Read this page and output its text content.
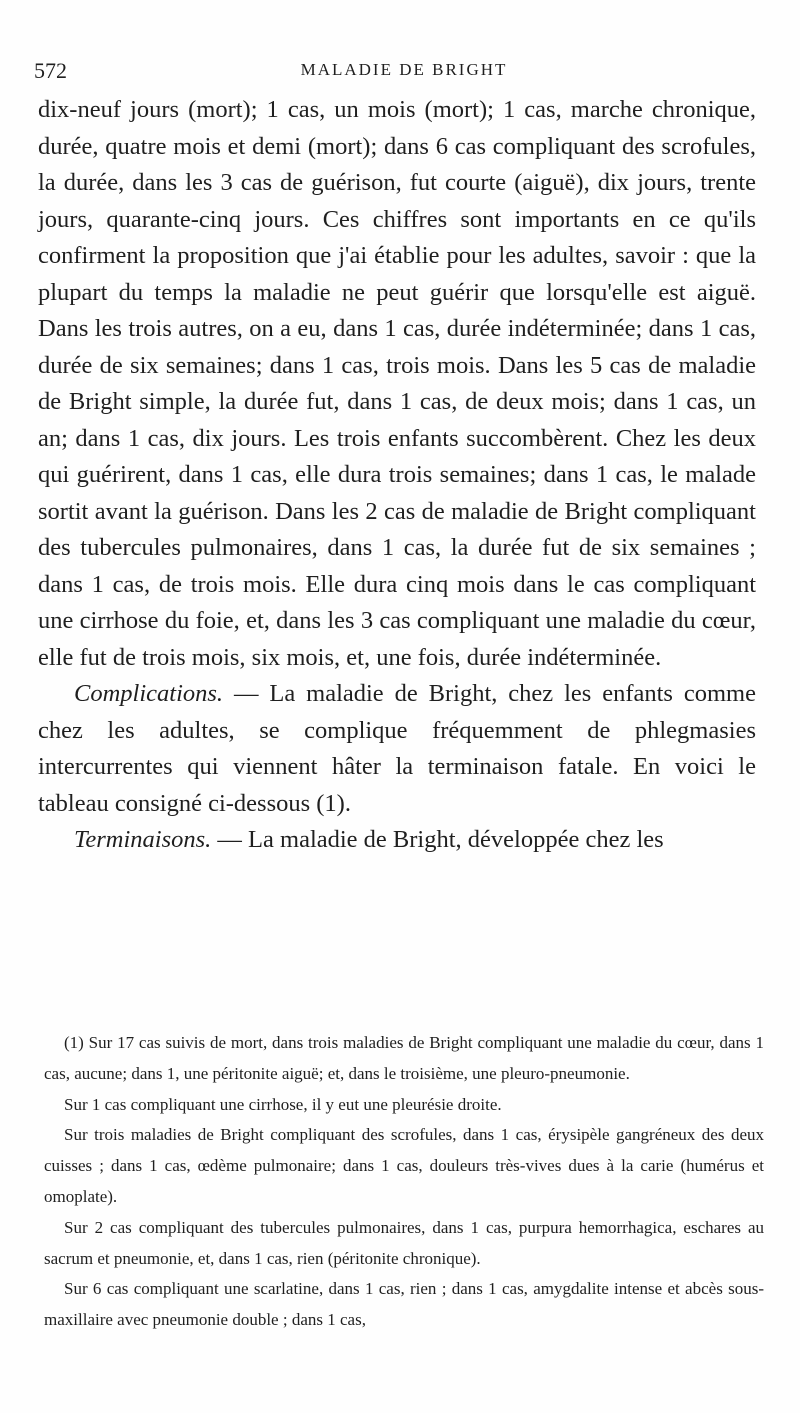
572	MALADIE DE BRIGHT

dix-neuf jours (mort); 1 cas, un mois (mort); 1 cas, marche chronique, durée, quatre mois et demi (mort); dans 6 cas compliquant des scrofules, la durée, dans les 3 cas de guérison, fut courte (aiguë), dix jours, trente jours, quarante-cinq jours. Ces chiffres sont importants en ce qu'ils confirment la proposition que j'ai établie pour les adultes, savoir : que la plupart du temps la maladie ne peut guérir que lorsqu'elle est aiguë. Dans les trois autres, on a eu, dans 1 cas, durée indéterminée; dans 1 cas, durée de six semaines; dans 1 cas, trois mois. Dans les 5 cas de maladie de Bright simple, la durée fut, dans 1 cas, de deux mois; dans 1 cas, un an; dans 1 cas, dix jours. Les trois enfants succombèrent. Chez les deux qui guérirent, dans 1 cas, elle dura trois semaines; dans 1 cas, le malade sortit avant la guérison. Dans les 2 cas de maladie de Bright compliquant des tubercules pulmonaires, dans 1 cas, la durée fut de six semaines ; dans 1 cas, de trois mois. Elle dura cinq mois dans le cas compliquant une cirrhose du foie, et, dans les 3 cas compliquant une maladie du cœur, elle fut de trois mois, six mois, et, une fois, durée indéterminée.

Complications. — La maladie de Bright, chez les enfants comme chez les adultes, se complique fréquemment de phlegmasies intercurrentes qui viennent hâter la terminaison fatale. En voici le tableau consigné ci-dessous (1).

Terminaisons. — La maladie de Bright, développée chez les

(1) Sur 17 cas suivis de mort, dans trois maladies de Bright compliquant une maladie du cœur, dans 1 cas, aucune; dans 1, une péritonite aiguë; et, dans le troisième, une pleuro-pneumonie.

Sur 1 cas compliquant une cirrhose, il y eut une pleurésie droite.

Sur trois maladies de Bright compliquant des scrofules, dans 1 cas, érysipèle gangréneux des deux cuisses ; dans 1 cas, œdème pulmonaire; dans 1 cas, douleurs très-vives dues à la carie (humérus et omoplate).

Sur 2 cas compliquant des tubercules pulmonaires, dans 1 cas, purpura hemorrhagica, eschares au sacrum et pneumonie, et, dans 1 cas, rien (péritonite chronique).

Sur 6 cas compliquant une scarlatine, dans 1 cas, rien ; dans 1 cas, amygdalite intense et abcès sous-maxillaire avec pneumonie double ; dans 1 cas,
